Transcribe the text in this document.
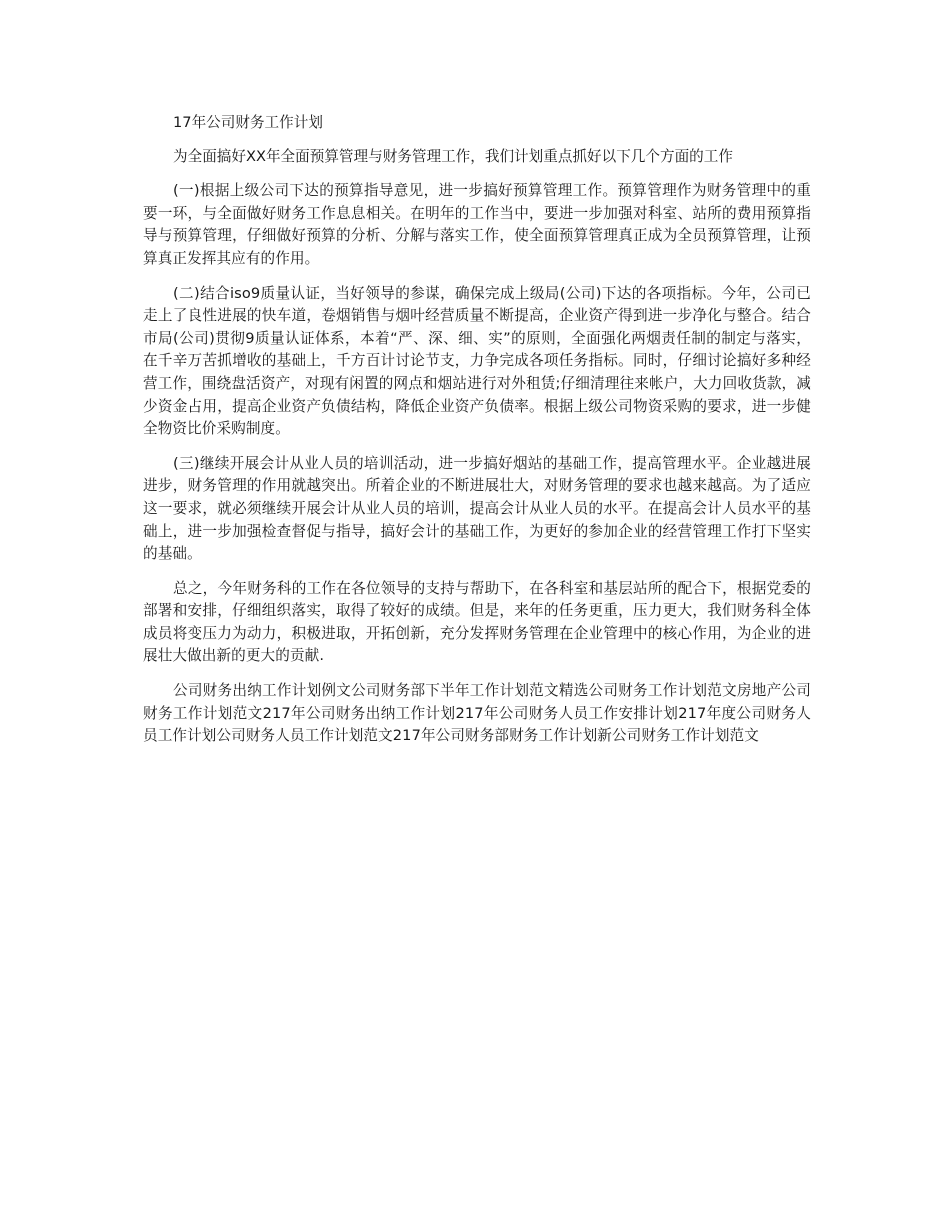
17年公司财务工作计划

为全面搞好XX年全面预算管理与财务管理工作，我们计划重点抓好以下几个方面的工作

(一)根据上级公司下达的预算指导意见，进一步搞好预算管理工作。预算管理作为财务管理中的重要一环，与全面做好财务工作息息相关。在明年的工作当中，要进一步加强对科室、站所的费用预算指导与预算管理，仔细做好预算的分析、分解与落实工作，使全面预算管理真正成为全员预算管理，让预算真正发挥其应有的作用。

(二)结合iso9质量认证，当好领导的参谋，确保完成上级局(公司)下达的各项指标。今年，公司已走上了良性进展的快车道，卷烟销售与烟叶经营质量不断提高，企业资产得到进一步净化与整合。结合市局(公司)贯彻9质量认证体系，本着“严、深、细、实”的原则，全面强化两烟责任制的制定与落实，在千辛万苦抓增收的基础上，千方百计讨论节支，力争完成各项任务指标。同时，仔细讨论搞好多种经营工作，围绕盘活资产，对现有闲置的网点和烟站进行对外租赁;仔细清理往来帐户，大力回收货款，减少资金占用，提高企业资产负债结构，降低企业资产负债率。根据上级公司物资采购的要求，进一步健全物资比价采购制度。

(三)继续开展会计从业人员的培训活动，进一步搞好烟站的基础工作，提高管理水平。企业越进展进步，财务管理的作用就越突出。所着企业的不断进展壮大，对财务管理的要求也越来越高。为了适应这一要求，就必须继续开展会计从业人员的培训，提高会计从业人员的水平。在提高会计人员水平的基础上，进一步加强检查督促与指导，搞好会计的基础工作，为更好的参加企业的经营管理工作打下坚实的基础。

总之，今年财务科的工作在各位领导的支持与帮助下，在各科室和基层站所的配合下，根据党委的部署和安排，仔细组织落实，取得了较好的成绩。但是，来年的任务更重，压力更大，我们财务科全体成员将变压力为动力，积极进取，开拓创新，充分发挥财务管理在企业管理中的核心作用，为企业的进展壮大做出新的更大的贡献.

公司财务出纳工作计划例文公司财务部下半年工作计划范文精选公司财务工作计划范文房地产公司财务工作计划范文217年公司财务出纳工作计划217年公司财务人员工作安排计划217年度公司财务人员工作计划公司财务人员工作计划范文217年公司财务部财务工作计划新公司财务工作计划范文
